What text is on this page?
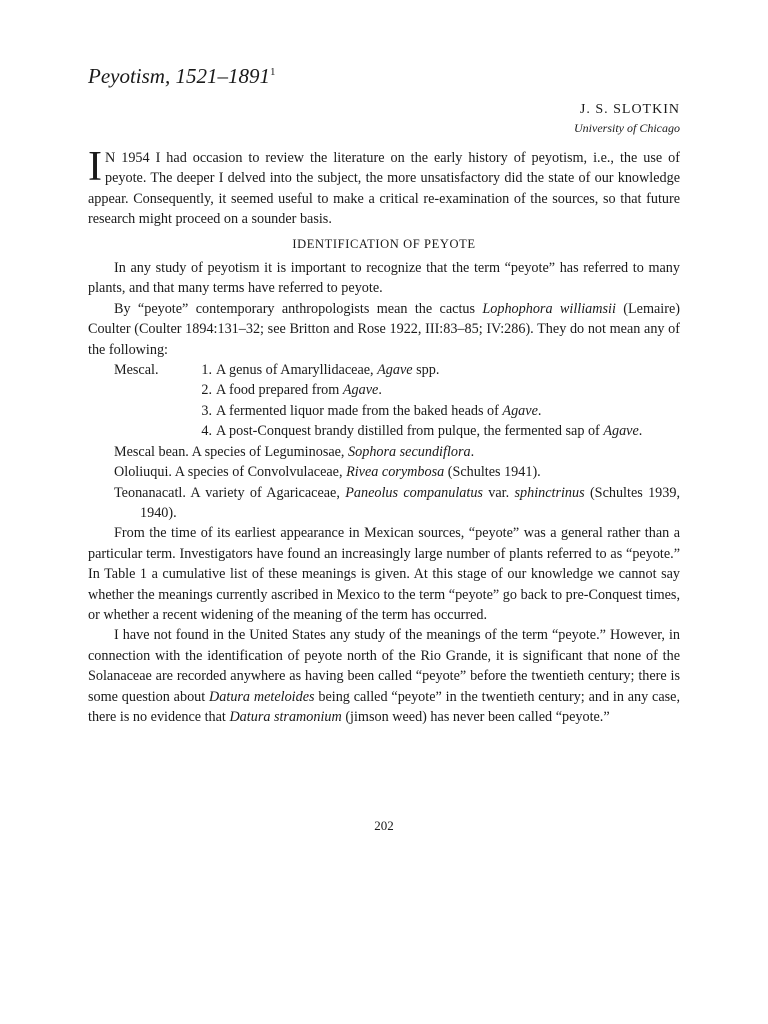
Peyotism, 1521–1891$^1$
J. S. SLOTKIN
University of Chicago

I N 1954 I had occasion to review the literature on the early history of peyotism, i.e., the use of peyote. The deeper I delved into the subject, the more unsatisfactory did the state of our knowledge appear. Consequently, it seemed useful to make a critical re-examination of the sources, so that future research might proceed on a sounder basis.

IDENTIFICATION OF PEYOTE

In any study of peyotism it is important to recognize that the term “peyote” has referred to many plants, and that many terms have referred to peyote.

By “peyote” contemporary anthropologists mean the cactus Lophophora williamsii (Lemaire) Coulter (Coulter 1894:131–32; see Britton and Rose 1922, III:83–85; IV:286). They do not mean any of the following:

Mescal.	1. A genus of Amaryllidaceae, Agave spp.
2. A food prepared from Agave.
3. A fermented liquor made from the baked heads of Agave.
4. A post-Conquest brandy distilled from pulque, the fermented sap of Agave.

Mescal bean. A species of Leguminosae, Sophora secundiflora.

Ololiuqui. A species of Convolvulaceae, Rivea corymbosa (Schultes 1941).

Teonanacatl. A variety of Agaricaceae, Paneolus companulatus var. sphinctrinus (Schultes 1939, 1940).

From the time of its earliest appearance in Mexican sources, “peyote” was a general rather than a particular term. Investigators have found an increasingly large number of plants referred to as “peyote.” In Table 1 a cumulative list of these meanings is given. At this stage of our knowledge we cannot say whether the meanings currently ascribed in Mexico to the term “peyote” go back to pre-Conquest times, or whether a recent widening of the meaning of the term has occurred.

I have not found in the United States any study of the meanings of the term “peyote.” However, in connection with the identification of peyote north of the Rio Grande, it is significant that none of the Solanaceae are recorded anywhere as having been called “peyote” before the twentieth century; there is some question about Datura meteloides being called “peyote” in the twentieth century; and in any case, there is no evidence that Datura stramonium (jimson weed) has never been called “peyote.”

202
